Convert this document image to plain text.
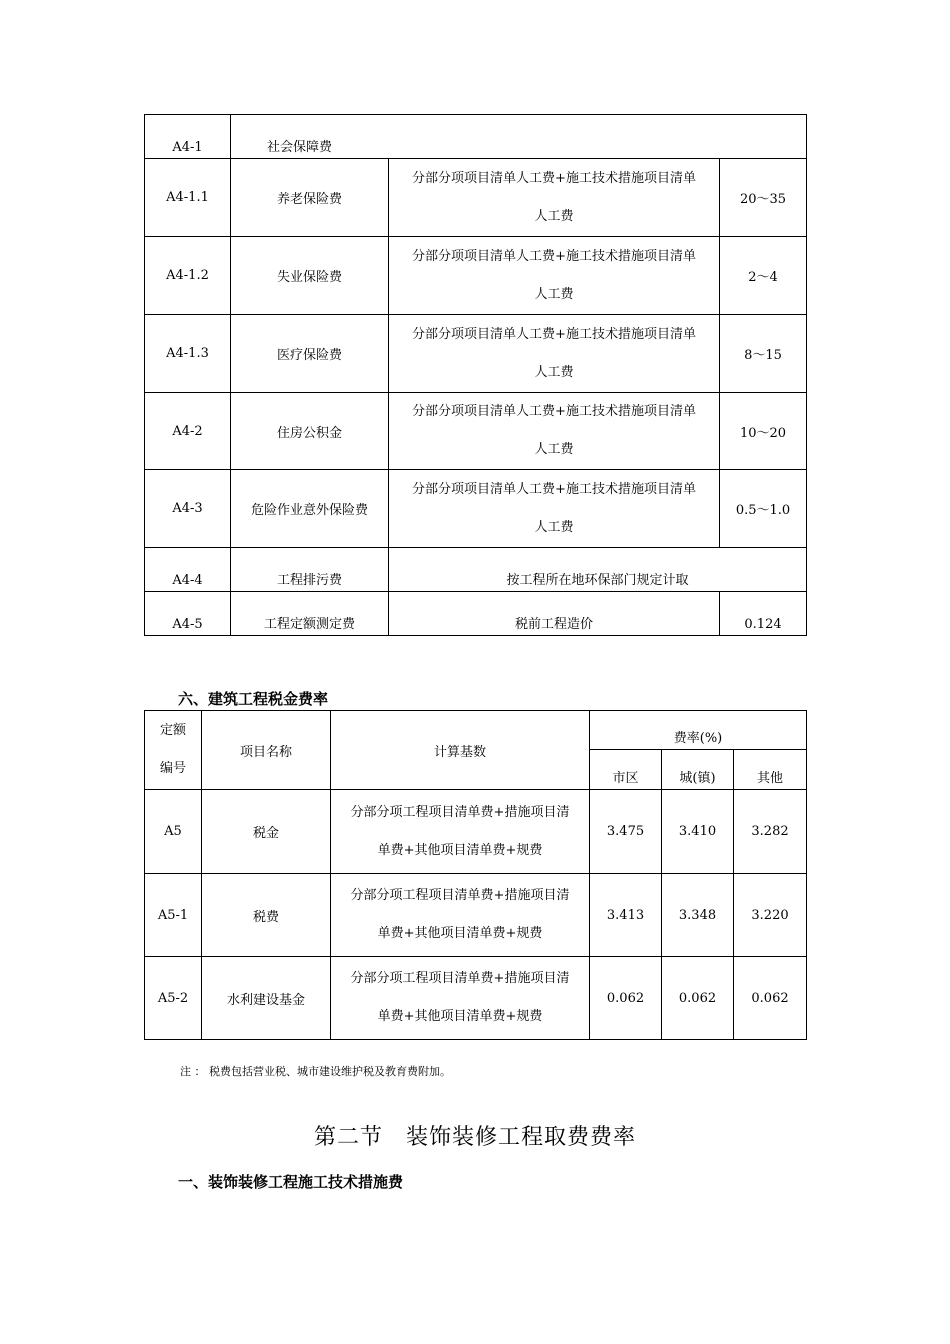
A4-1	社会保障费		
A4-1.1	养老保险费	分部分项项目清单人工费+施工技术措施项目清单
人工费	20～35
A4-1.2	失业保险费	分部分项项目清单人工费+施工技术措施项目清单
人工费	2～4
A4-1.3	医疗保险费	分部分项项目清单人工费+施工技术措施项目清单
人工费	8～15
A4-2	住房公积金	分部分项项目清单人工费+施工技术措施项目清单
人工费	10～20
A4-3	危险作业意外保险费	分部分项项目清单人工费+施工技术措施项目清单
人工费	0.5～1.0
A4-4	工程排污费	按工程所在地环保部门规定计取	
A4-5	工程定额测定费	税前工程造价	0.124
六、建筑工程税金费率
定额
编号	项目名称	计算基数	费率(%)		
			市区	城(镇)	其他
A5	税金	分部分项工程项目清单费+措施项目清
单费+其他项目清单费+规费	3.475	3.410	3.282
A5-1	税费	分部分项工程项目清单费+措施项目清
单费+其他项目清单费+规费	3.413	3.348	3.220
A5-2	水利建设基金	分部分项工程项目清单费+措施项目清
单费+其他项目清单费+规费	0.062	0.062	0.062
注 ： 税费包括营业税、城市建设维护税及教育费附加。
第二节　装饰装修工程取费费率
一、装饰装修工程施工技术措施费
